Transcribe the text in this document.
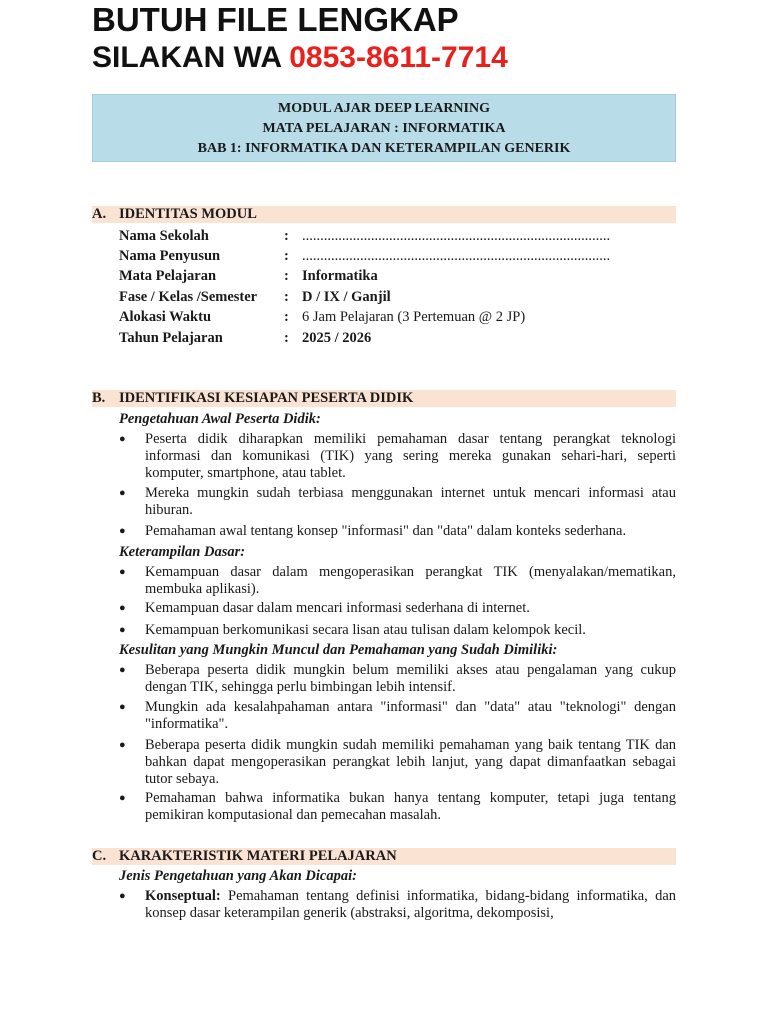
BUTUH FILE LENGKAP
SILAKAN WA 0853-8611-7714
MODUL AJAR DEEP LEARNING
MATA PELAJARAN : INFORMATIKA
BAB 1: INFORMATIKA DAN KETERAMPILAN GENERIK
A. IDENTITAS MODUL
Nama Sekolah	: .....................................................................................
Nama Penyusun	: .....................................................................................
Mata Pelajaran	: Informatika
Fase / Kelas /Semester : D / IX / Ganjil
Alokasi Waktu	: 6 Jam Pelajaran (3 Pertemuan @ 2 JP)
Tahun Pelajaran	: 2025 / 2026
B. IDENTIFIKASI KESIAPAN PESERTA DIDIK
Pengetahuan Awal Peserta Didik:
● Peserta didik diharapkan memiliki pemahaman dasar tentang perangkat teknologi informasi dan komunikasi (TIK) yang sering mereka gunakan sehari-hari, seperti komputer, smartphone, atau tablet.
● Mereka mungkin sudah terbiasa menggunakan internet untuk mencari informasi atau hiburan.
● Pemahaman awal tentang konsep "informasi" dan "data" dalam konteks sederhana.
Keterampilan Dasar:
● Kemampuan dasar dalam mengoperasikan perangkat TIK (menyalakan/mematikan, membuka aplikasi).
● Kemampuan dasar dalam mencari informasi sederhana di internet.
● Kemampuan berkomunikasi secara lisan atau tulisan dalam kelompok kecil.
Kesulitan yang Mungkin Muncul dan Pemahaman yang Sudah Dimiliki:
● Beberapa peserta didik mungkin belum memiliki akses atau pengalaman yang cukup dengan TIK, sehingga perlu bimbingan lebih intensif.
● Mungkin ada kesalahpahaman antara "informasi" dan "data" atau "teknologi" dengan "informatika".
● Beberapa peserta didik mungkin sudah memiliki pemahaman yang baik tentang TIK dan bahkan dapat mengoperasikan perangkat lebih lanjut, yang dapat dimanfaatkan sebagai tutor sebaya.
● Pemahaman bahwa informatika bukan hanya tentang komputer, tetapi juga tentang pemikiran komputasional dan pemecahan masalah.
C. KARAKTERISTIK MATERI PELAJARAN
Jenis Pengetahuan yang Akan Dicapai:
● Konseptual: Pemahaman tentang definisi informatika, bidang-bidang informatika, dan konsep dasar keterampilan generik (abstraksi, algoritma, dekomposisi,
